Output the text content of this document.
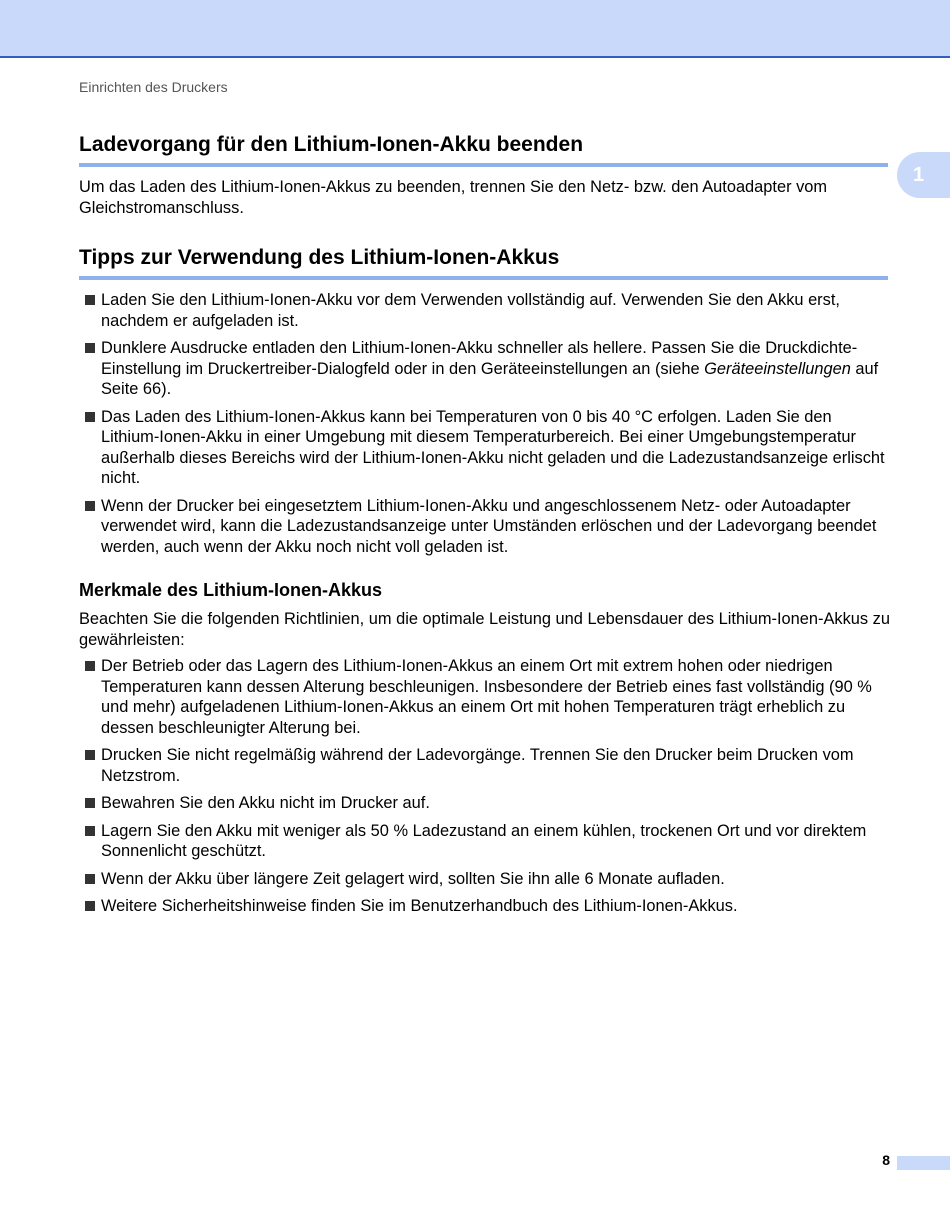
Einrichten des Druckers
1
Ladevorgang für den Lithium-Ionen-Akku beenden

Um das Laden des Lithium-Ionen-Akkus zu beenden, trennen Sie den Netz- bzw. den Autoadapter vom Gleichstromanschluss.

Tipps zur Verwendung des Lithium-Ionen-Akkus
Laden Sie den Lithium-Ionen-Akku vor dem Verwenden vollständig auf. Verwenden Sie den Akku erst, nachdem er aufgeladen ist.
Dunklere Ausdrucke entladen den Lithium-Ionen-Akku schneller als hellere. Passen Sie die Druckdichte-Einstellung im Druckertreiber-Dialogfeld oder in den Geräteeinstellungen an (siehe Geräteeinstellungen auf Seite 66).
Das Laden des Lithium-Ionen-Akkus kann bei Temperaturen von 0 bis 40 °C erfolgen. Laden Sie den Lithium-Ionen-Akku in einer Umgebung mit diesem Temperaturbereich. Bei einer Umgebungstemperatur außerhalb dieses Bereichs wird der Lithium-Ionen-Akku nicht geladen und die Ladezustandsanzeige erlischt nicht.
Wenn der Drucker bei eingesetztem Lithium-Ionen-Akku und angeschlossenem Netz- oder Autoadapter verwendet wird, kann die Ladezustandsanzeige unter Umständen erlöschen und der Ladevorgang beendet werden, auch wenn der Akku noch nicht voll geladen ist.
Merkmale des Lithium-Ionen-Akkus

Beachten Sie die folgenden Richtlinien, um die optimale Leistung und Lebensdauer des Lithium-Ionen-Akkus zu gewährleisten:

Der Betrieb oder das Lagern des Lithium-Ionen-Akkus an einem Ort mit extrem hohen oder niedrigen Temperaturen kann dessen Alterung beschleunigen. Insbesondere der Betrieb eines fast vollständig (90 % und mehr) aufgeladenen Lithium-Ionen-Akkus an einem Ort mit hohen Temperaturen trägt erheblich zu dessen beschleunigter Alterung bei.
Drucken Sie nicht regelmäßig während der Ladevorgänge. Trennen Sie den Drucker beim Drucken vom Netzstrom.
Bewahren Sie den Akku nicht im Drucker auf.
Lagern Sie den Akku mit weniger als 50 % Ladezustand an einem kühlen, trockenen Ort und vor direktem Sonnenlicht geschützt.
Wenn der Akku über längere Zeit gelagert wird, sollten Sie ihn alle 6 Monate aufladen.
Weitere Sicherheitshinweise finden Sie im Benutzerhandbuch des Lithium-Ionen-Akkus.
8
